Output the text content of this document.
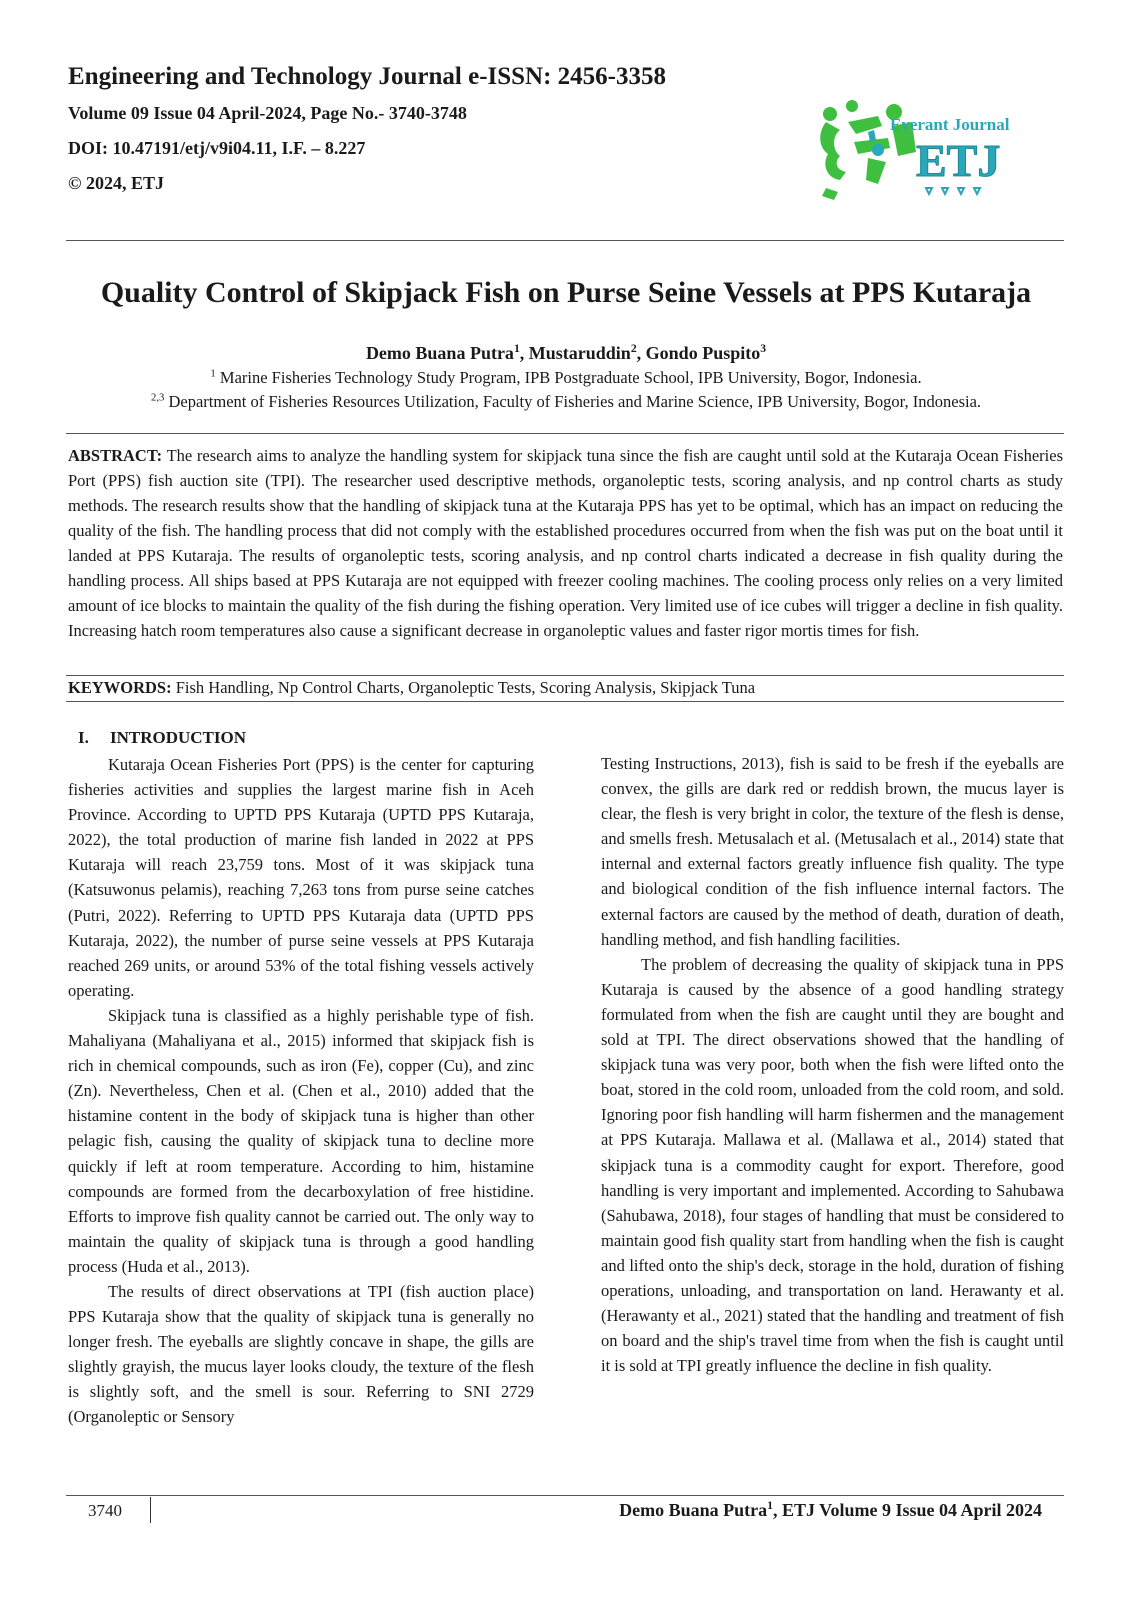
Engineering and Technology Journal e-ISSN: 2456-3358
Volume 09 Issue 04 April-2024, Page No.- 3740-3748
DOI: 10.47191/etj/v9i04.11, I.F. – 8.227
© 2024, ETJ
Everant Journal
ETJ
Quality Control of Skipjack Fish on Purse Seine Vessels at PPS Kutaraja
Demo Buana Putra$^1$, Mustaruddin$^2$, Gondo Puspito$^3$
$^1$ Marine Fisheries Technology Study Program, IPB Postgraduate School, IPB University, Bogor, Indonesia.
$^{2,3}$ Department of Fisheries Resources Utilization, Faculty of Fisheries and Marine Science, IPB University, Bogor, Indonesia.

ABSTRACT: The research aims to analyze the handling system for skipjack tuna since the fish are caught until sold at the Kutaraja Ocean Fisheries Port (PPS) fish auction site (TPI). The researcher used descriptive methods, organoleptic tests, scoring analysis, and np control charts as study methods. The research results show that the handling of skipjack tuna at the Kutaraja PPS has yet to be optimal, which has an impact on reducing the quality of the fish. The handling process that did not comply with the established procedures occurred from when the fish was put on the boat until it landed at PPS Kutaraja. The results of organoleptic tests, scoring analysis, and np control charts indicated a decrease in fish quality during the handling process. All ships based at PPS Kutaraja are not equipped with freezer cooling machines. The cooling process only relies on a very limited amount of ice blocks to maintain the quality of the fish during the fishing operation. Very limited use of ice cubes will trigger a decline in fish quality. Increasing hatch room temperatures also cause a significant decrease in organoleptic values and faster rigor mortis times for fish.

KEYWORDS: Fish Handling, Np Control Charts, Organoleptic Tests, Scoring Analysis, Skipjack Tuna

I. INTRODUCTION

Kutaraja Ocean Fisheries Port (PPS) is the center for capturing fisheries activities and supplies the largest marine fish in Aceh Province. According to UPTD PPS Kutaraja (UPTD PPS Kutaraja, 2022), the total production of marine fish landed in 2022 at PPS Kutaraja will reach 23,759 tons. Most of it was skipjack tuna (Katsuwonus pelamis), reaching 7,263 tons from purse seine catches (Putri, 2022). Referring to UPTD PPS Kutaraja data (UPTD PPS Kutaraja, 2022), the number of purse seine vessels at PPS Kutaraja reached 269 units, or around 53% of the total fishing vessels actively operating.

Skipjack tuna is classified as a highly perishable type of fish. Mahaliyana (Mahaliyana et al., 2015) informed that skipjack fish is rich in chemical compounds, such as iron (Fe), copper (Cu), and zinc (Zn). Nevertheless, Chen et al. (Chen et al., 2010) added that the histamine content in the body of skipjack tuna is higher than other pelagic fish, causing the quality of skipjack tuna to decline more quickly if left at room temperature. According to him, histamine compounds are formed from the decarboxylation of free histidine. Efforts to improve fish quality cannot be carried out. The only way to maintain the quality of skipjack tuna is through a good handling process (Huda et al., 2013).

The results of direct observations at TPI (fish auction place) PPS Kutaraja show that the quality of skipjack tuna is generally no longer fresh. The eyeballs are slightly concave in shape, the gills are slightly grayish, the mucus layer looks cloudy, the texture of the flesh is slightly soft, and the smell is sour. Referring to SNI 2729 (Organoleptic or Sensory

Testing Instructions, 2013), fish is said to be fresh if the eyeballs are convex, the gills are dark red or reddish brown, the mucus layer is clear, the flesh is very bright in color, the texture of the flesh is dense, and smells fresh. Metusalach et al. (Metusalach et al., 2014) state that internal and external factors greatly influence fish quality. The type and biological condition of the fish influence internal factors. The external factors are caused by the method of death, duration of death, handling method, and fish handling facilities.

The problem of decreasing the quality of skipjack tuna in PPS Kutaraja is caused by the absence of a good handling strategy formulated from when the fish are caught until they are bought and sold at TPI. The direct observations showed that the handling of skipjack tuna was very poor, both when the fish were lifted onto the boat, stored in the cold room, unloaded from the cold room, and sold. Ignoring poor fish handling will harm fishermen and the management at PPS Kutaraja. Mallawa et al. (Mallawa et al., 2014) stated that skipjack tuna is a commodity caught for export. Therefore, good handling is very important and implemented. According to Sahubawa (Sahubawa, 2018), four stages of handling that must be considered to maintain good fish quality start from handling when the fish is caught and lifted onto the ship's deck, storage in the hold, duration of fishing operations, unloading, and transportation on land. Herawanty et al. (Herawanty et al., 2021) stated that the handling and treatment of fish on board and the ship's travel time from when the fish is caught until it is sold at TPI greatly influence the decline in fish quality.

3740	Demo Buana Putra$^1$, ETJ Volume 9 Issue 04 April 2024
